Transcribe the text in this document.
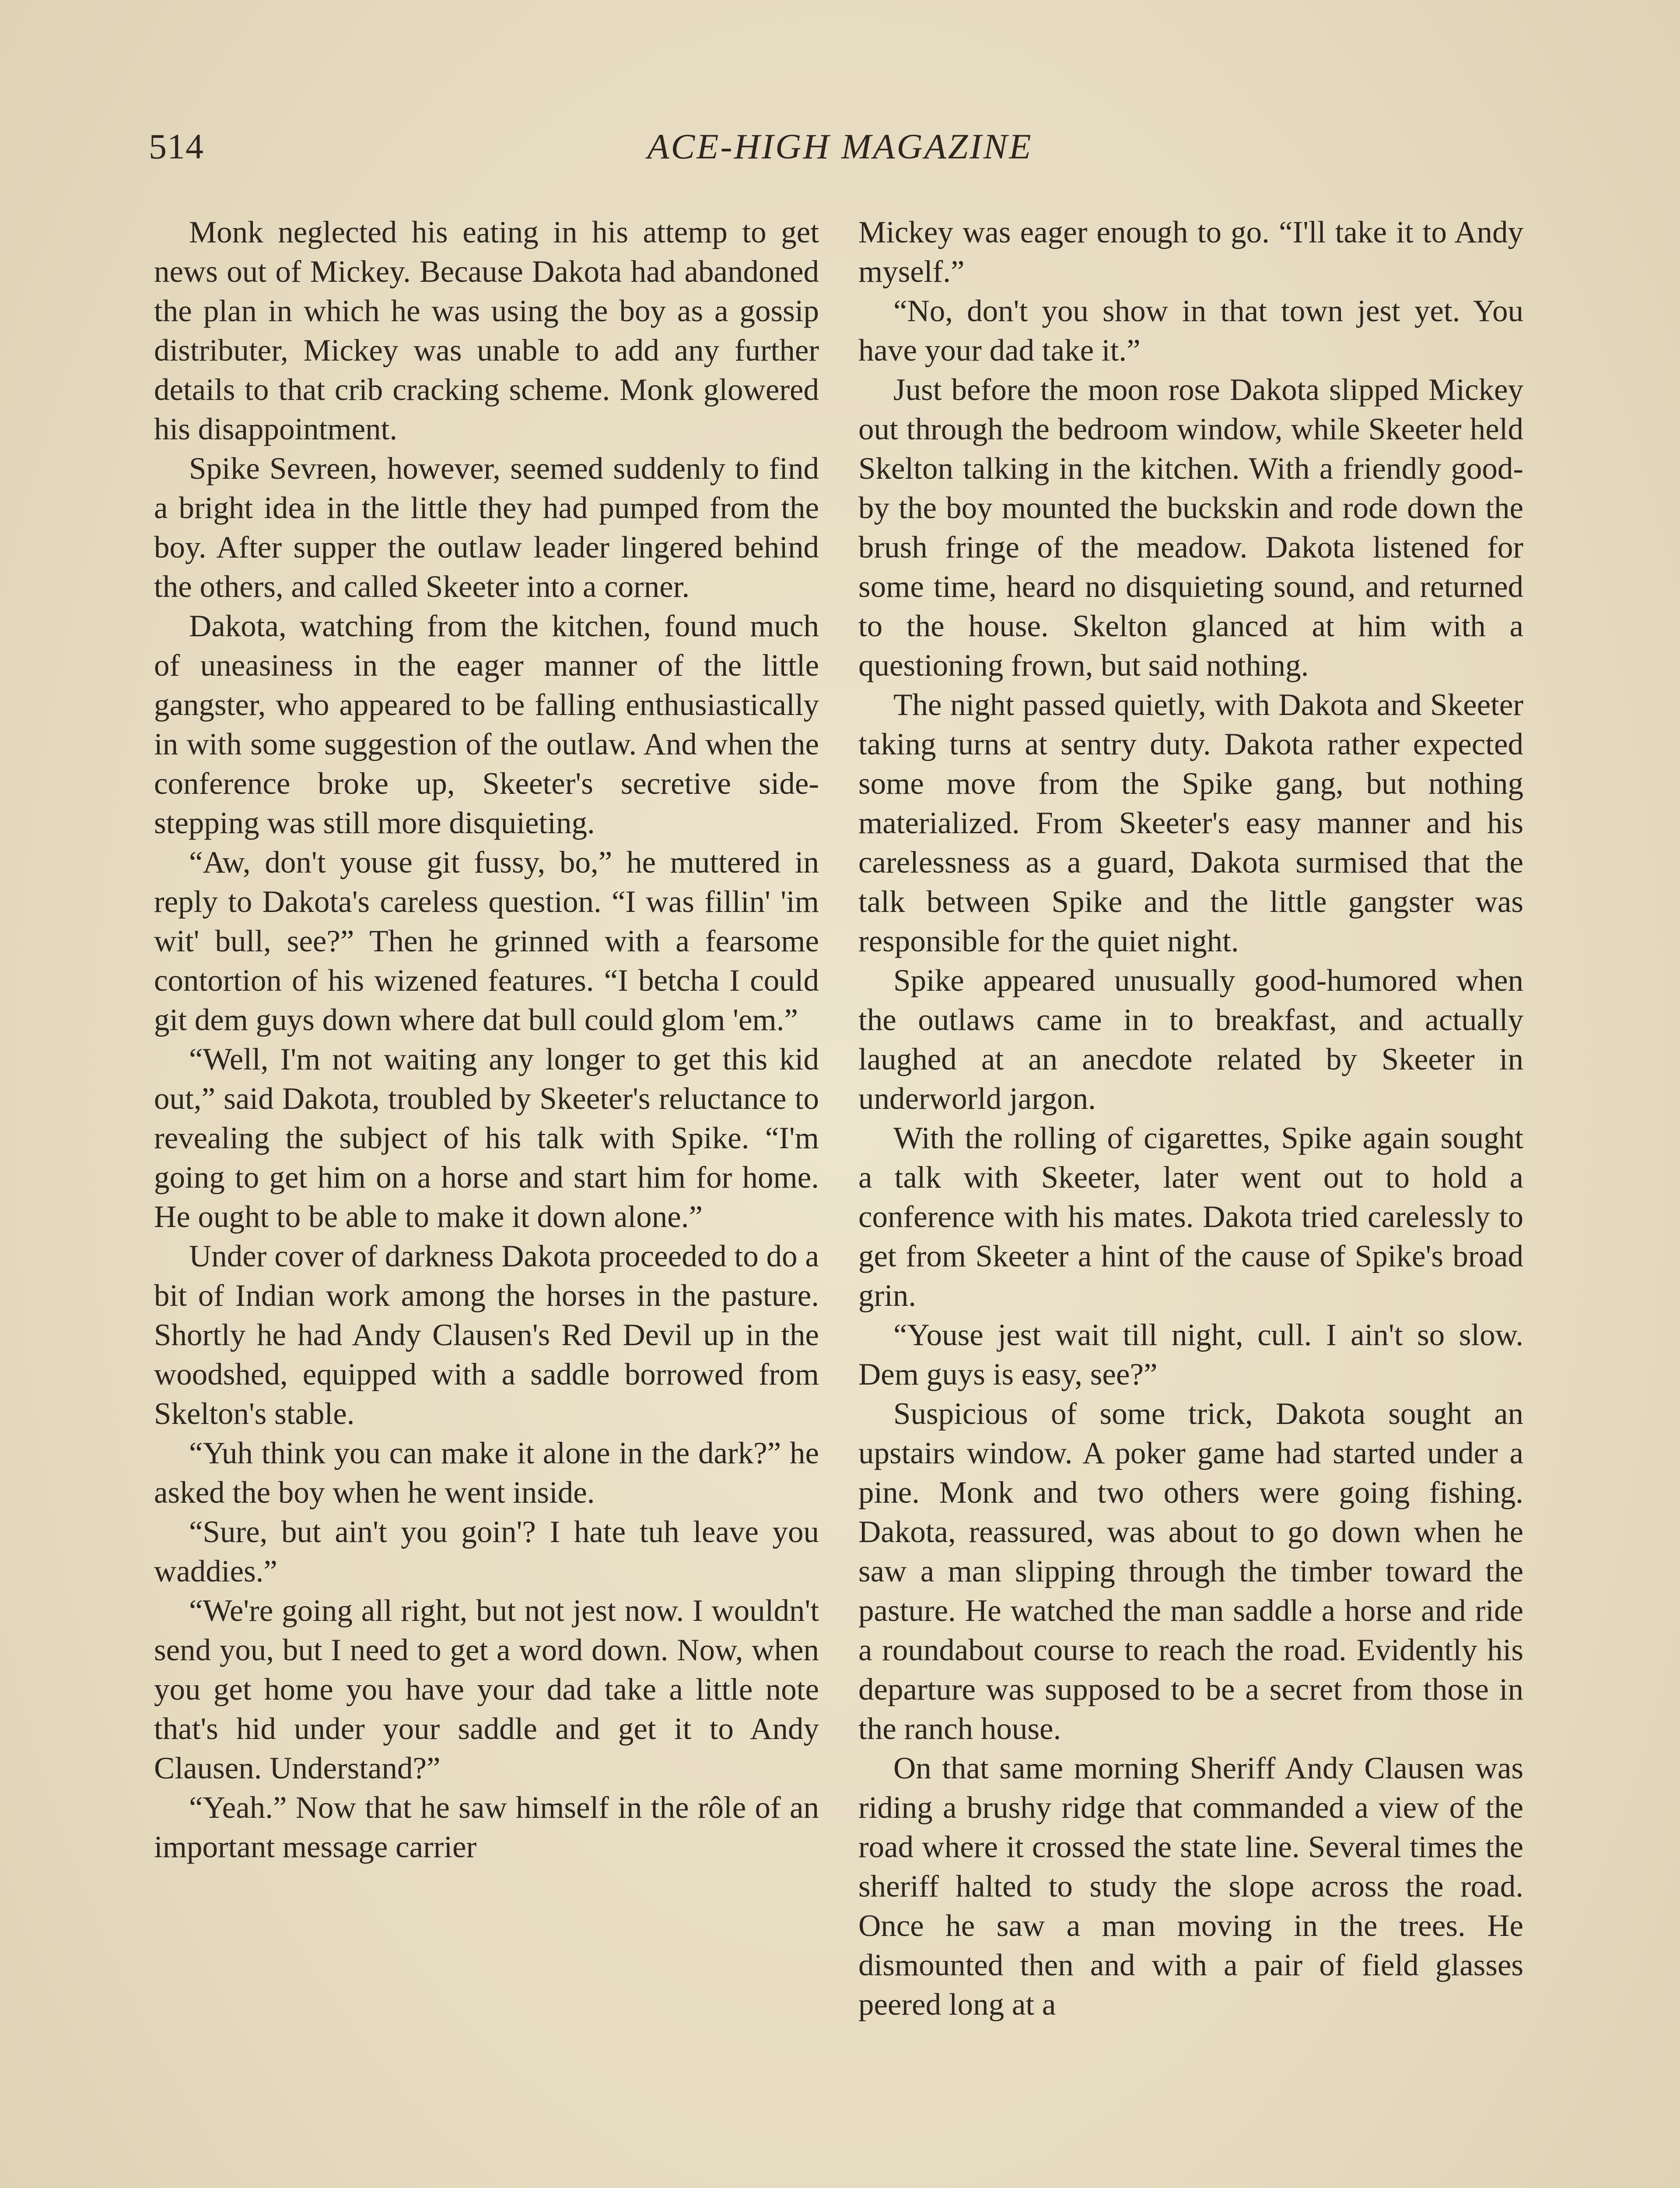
514	ACE-HIGH MAGAZINE

Monk neglected his eating in his attemp to get news out of Mickey. Because Dakota had abandoned the plan in which he was using the boy as a gossip distributer, Mickey was unable to add any further details to that crib cracking scheme. Monk glowered his disappointment.

Spike Sevreen, however, seemed suddenly to find a bright idea in the little they had pumped from the boy. After supper the outlaw leader lingered behind the others, and called Skeeter into a corner.

Dakota, watching from the kitchen, found much of uneasiness in the eager manner of the little gangster, who appeared to be falling enthusiastically in with some suggestion of the outlaw. And when the conference broke up, Skeeter's secretive side-stepping was still more disquieting.

“Aw, don't youse git fussy, bo,” he muttered in reply to Dakota's careless question. “I was fillin' 'im wit' bull, see?” Then he grinned with a fearsome contortion of his wizened features. “I betcha I could git dem guys down where dat bull could glom 'em.”

“Well, I'm not waiting any longer to get this kid out,” said Dakota, troubled by Skeeter's reluctance to revealing the subject of his talk with Spike. “I'm going to get him on a horse and start him for home. He ought to be able to make it down alone.”

Under cover of darkness Dakota proceeded to do a bit of Indian work among the horses in the pasture. Shortly he had Andy Clausen's Red Devil up in the woodshed, equipped with a saddle borrowed from Skelton's stable.

“Yuh think you can make it alone in the dark?” he asked the boy when he went inside.

“Sure, but ain't you goin'? I hate tuh leave you waddies.”

“We're going all right, but not jest now. I wouldn't send you, but I need to get a word down. Now, when you get home you have your dad take a little note that's hid under your saddle and get it to Andy Clausen. Understand?”

“Yeah.” Now that he saw himself in the rôle of an important message carrier

Mickey was eager enough to go. “I'll take it to Andy myself.”

“No, don't you show in that town jest yet. You have your dad take it.”

Just before the moon rose Dakota slipped Mickey out through the bedroom window, while Skeeter held Skelton talking in the kitchen. With a friendly good-by the boy mounted the buckskin and rode down the brush fringe of the meadow. Dakota listened for some time, heard no disquieting sound, and returned to the house. Skelton glanced at him with a questioning frown, but said nothing.

The night passed quietly, with Dakota and Skeeter taking turns at sentry duty. Dakota rather expected some move from the Spike gang, but nothing materialized. From Skeeter's easy manner and his carelessness as a guard, Dakota surmised that the talk between Spike and the little gangster was responsible for the quiet night.

Spike appeared unusually good-humored when the outlaws came in to breakfast, and actually laughed at an anecdote related by Skeeter in underworld jargon.

With the rolling of cigarettes, Spike again sought a talk with Skeeter, later went out to hold a conference with his mates. Dakota tried carelessly to get from Skeeter a hint of the cause of Spike's broad grin.

“Youse jest wait till night, cull. I ain't so slow. Dem guys is easy, see?”

Suspicious of some trick, Dakota sought an upstairs window. A poker game had started under a pine. Monk and two others were going fishing. Dakota, reassured, was about to go down when he saw a man slipping through the timber toward the pasture. He watched the man saddle a horse and ride a roundabout course to reach the road. Evidently his departure was supposed to be a secret from those in the ranch house.

On that same morning Sheriff Andy Clausen was riding a brushy ridge that commanded a view of the road where it crossed the state line. Several times the sheriff halted to study the slope across the road. Once he saw a man moving in the trees. He dismounted then and with a pair of field glasses peered long at a
